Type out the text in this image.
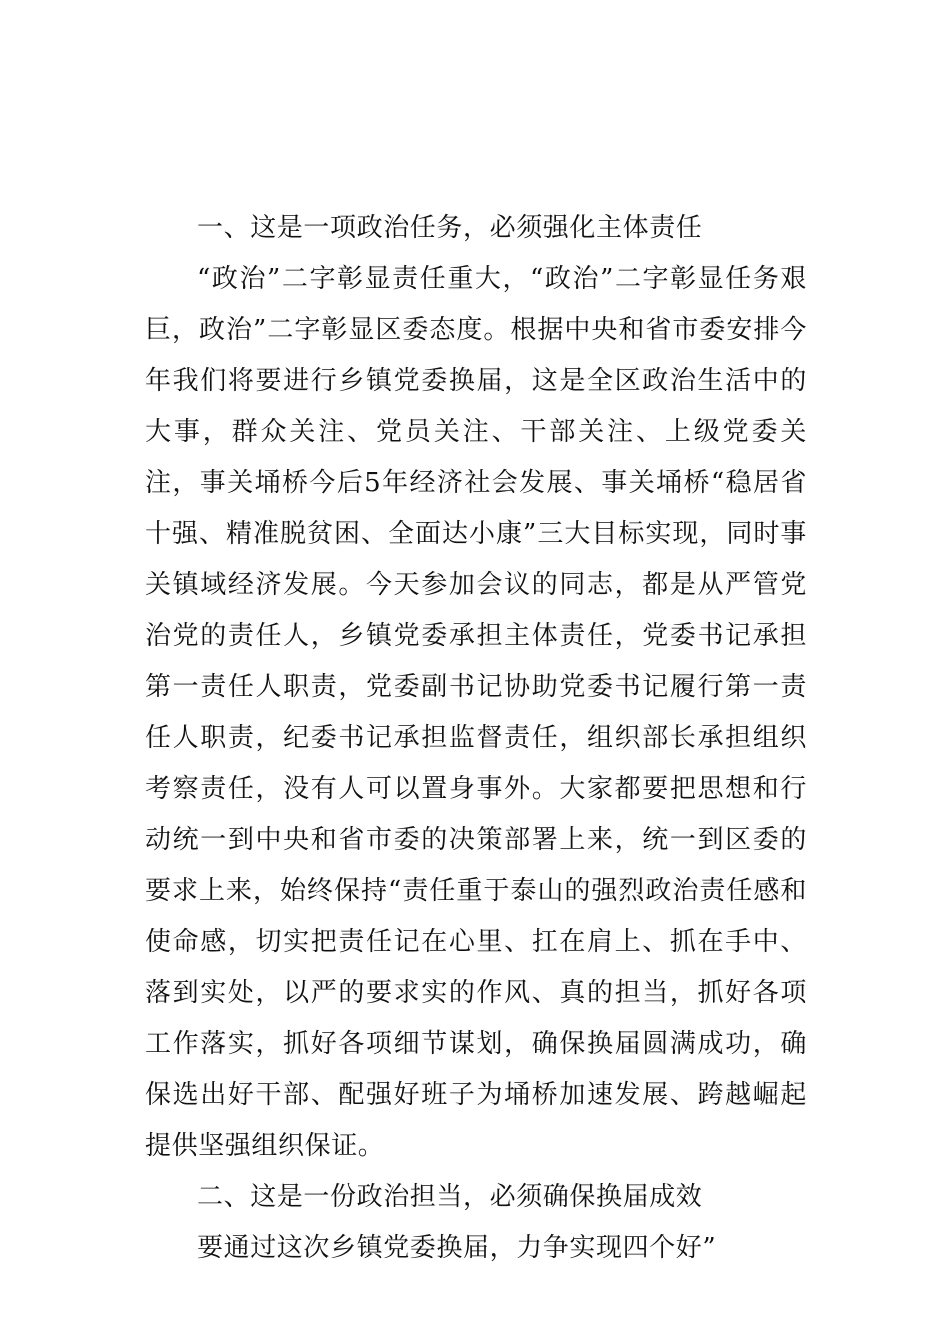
一、这是一项政治任务，必须强化主体责任

“政治”二字彰显责任重大，“政治”二字彰显任务艰巨，政治”二字彰显区委态度。根据中央和省市委安排今年我们将要进行乡镇党委换届，这是全区政治生活中的大事，群众关注、党员关注、干部关注、上级党委关注，事关埇桥今后5年经济社会发展、事关埇桥“稳居省十强、精准脱贫困、全面达小康”三大目标实现，同时事关镇域经济发展。今天参加会议的同志，都是从严管党治党的责任人，乡镇党委承担主体责任，党委书记承担第一责任人职责，党委副书记协助党委书记履行第一责任人职责，纪委书记承担监督责任，组织部长承担组织考察责任，没有人可以置身事外。大家都要把思想和行动统一到中央和省市委的决策部署上来，统一到区委的要求上来，始终保持“责任重于泰山的强烈政治责任感和使命感，切实把责任记在心里、扛在肩上、抓在手中、落到实处，以严的要求实的作风、真的担当，抓好各项工作落实，抓好各项细节谋划，确保换届圆满成功，确保选出好干部、配强好班子为埇桥加速发展、跨越崛起提供坚强组织保证。

二、这是一份政治担当，必须确保换届成效

要通过这次乡镇党委换届，力争实现四个好”
